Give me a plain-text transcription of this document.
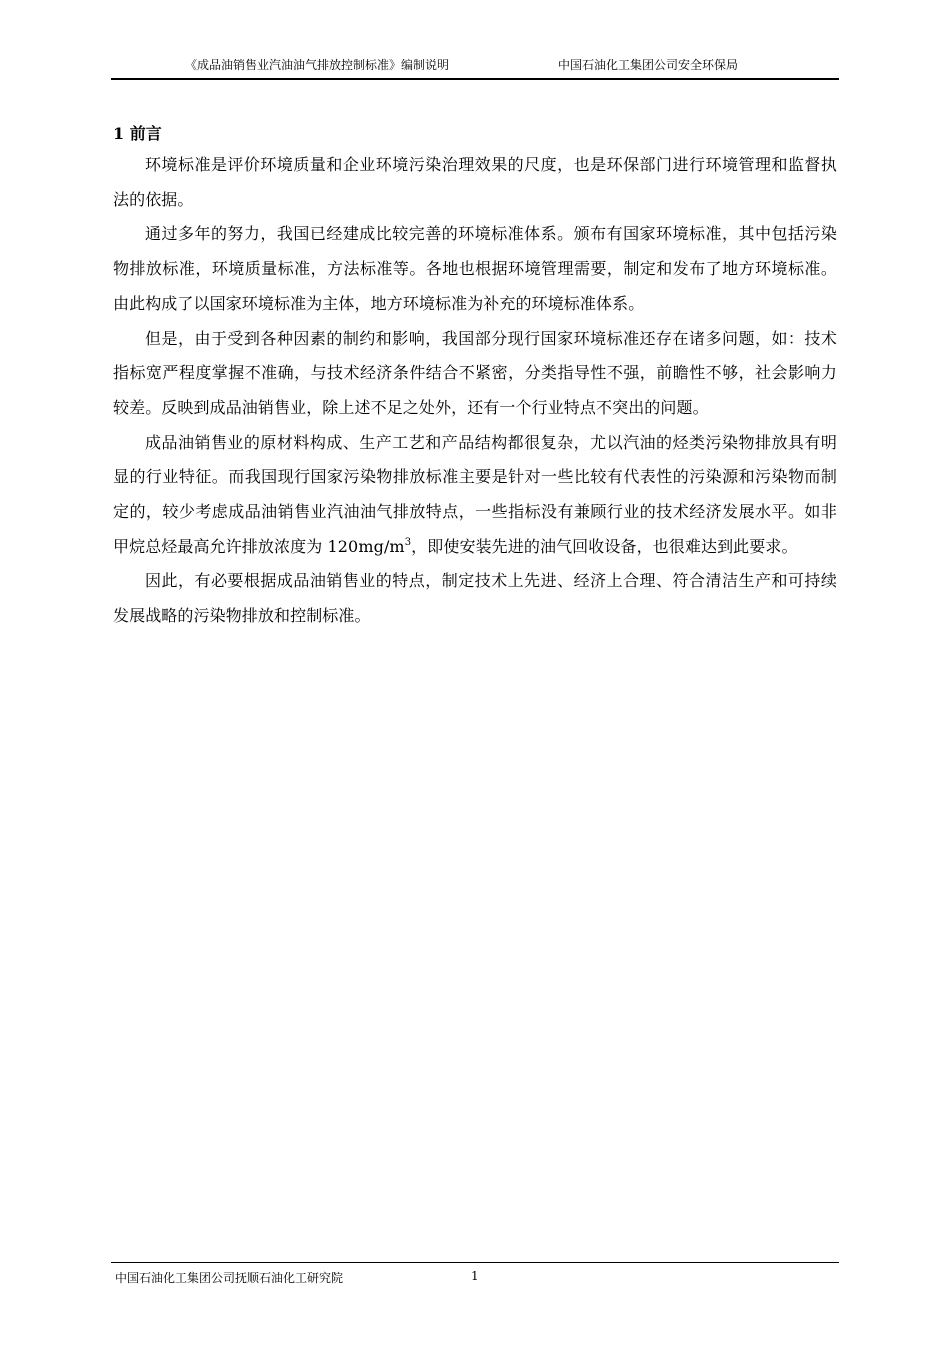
《成品油销售业汽油油气排放控制标准》编制说明	中国石油化工集团公司安全环保局
1 前言

环境标准是评价环境质量和企业环境污染治理效果的尺度，也是环保部门进行环境管理和监督执法的依据。

通过多年的努力，我国已经建成比较完善的环境标准体系。颁布有国家环境标准，其中包括污染物排放标准，环境质量标准，方法标准等。各地也根据环境管理需要，制定和发布了地方环境标准。由此构成了以国家环境标准为主体，地方环境标准为补充的环境标准体系。

但是，由于受到各种因素的制约和影响，我国部分现行国家环境标准还存在诸多问题，如：技术指标宽严程度掌握不准确，与技术经济条件结合不紧密，分类指导性不强，前瞻性不够，社会影响力较差。反映到成品油销售业，除上述不足之处外，还有一个行业特点不突出的问题。

成品油销售业的原材料构成、生产工艺和产品结构都很复杂，尤以汽油的烃类污染物排放具有明显的行业特征。而我国现行国家污染物排放标准主要是针对一些比较有代表性的污染源和污染物而制定的，较少考虑成品油销售业汽油油气排放特点，一些指标没有兼顾行业的技术经济发展水平。如非甲烷总烃最高允许排放浓度为 $120mg/m^3$，即使安装先进的油气回收设备，也很难达到此要求。

因此，有必要根据成品油销售业的特点，制定技术上先进、经济上合理、符合清洁生产和可持续发展战略的污染物排放和控制标准。

中国石油化工集团公司抚顺石油化工研究院	1
